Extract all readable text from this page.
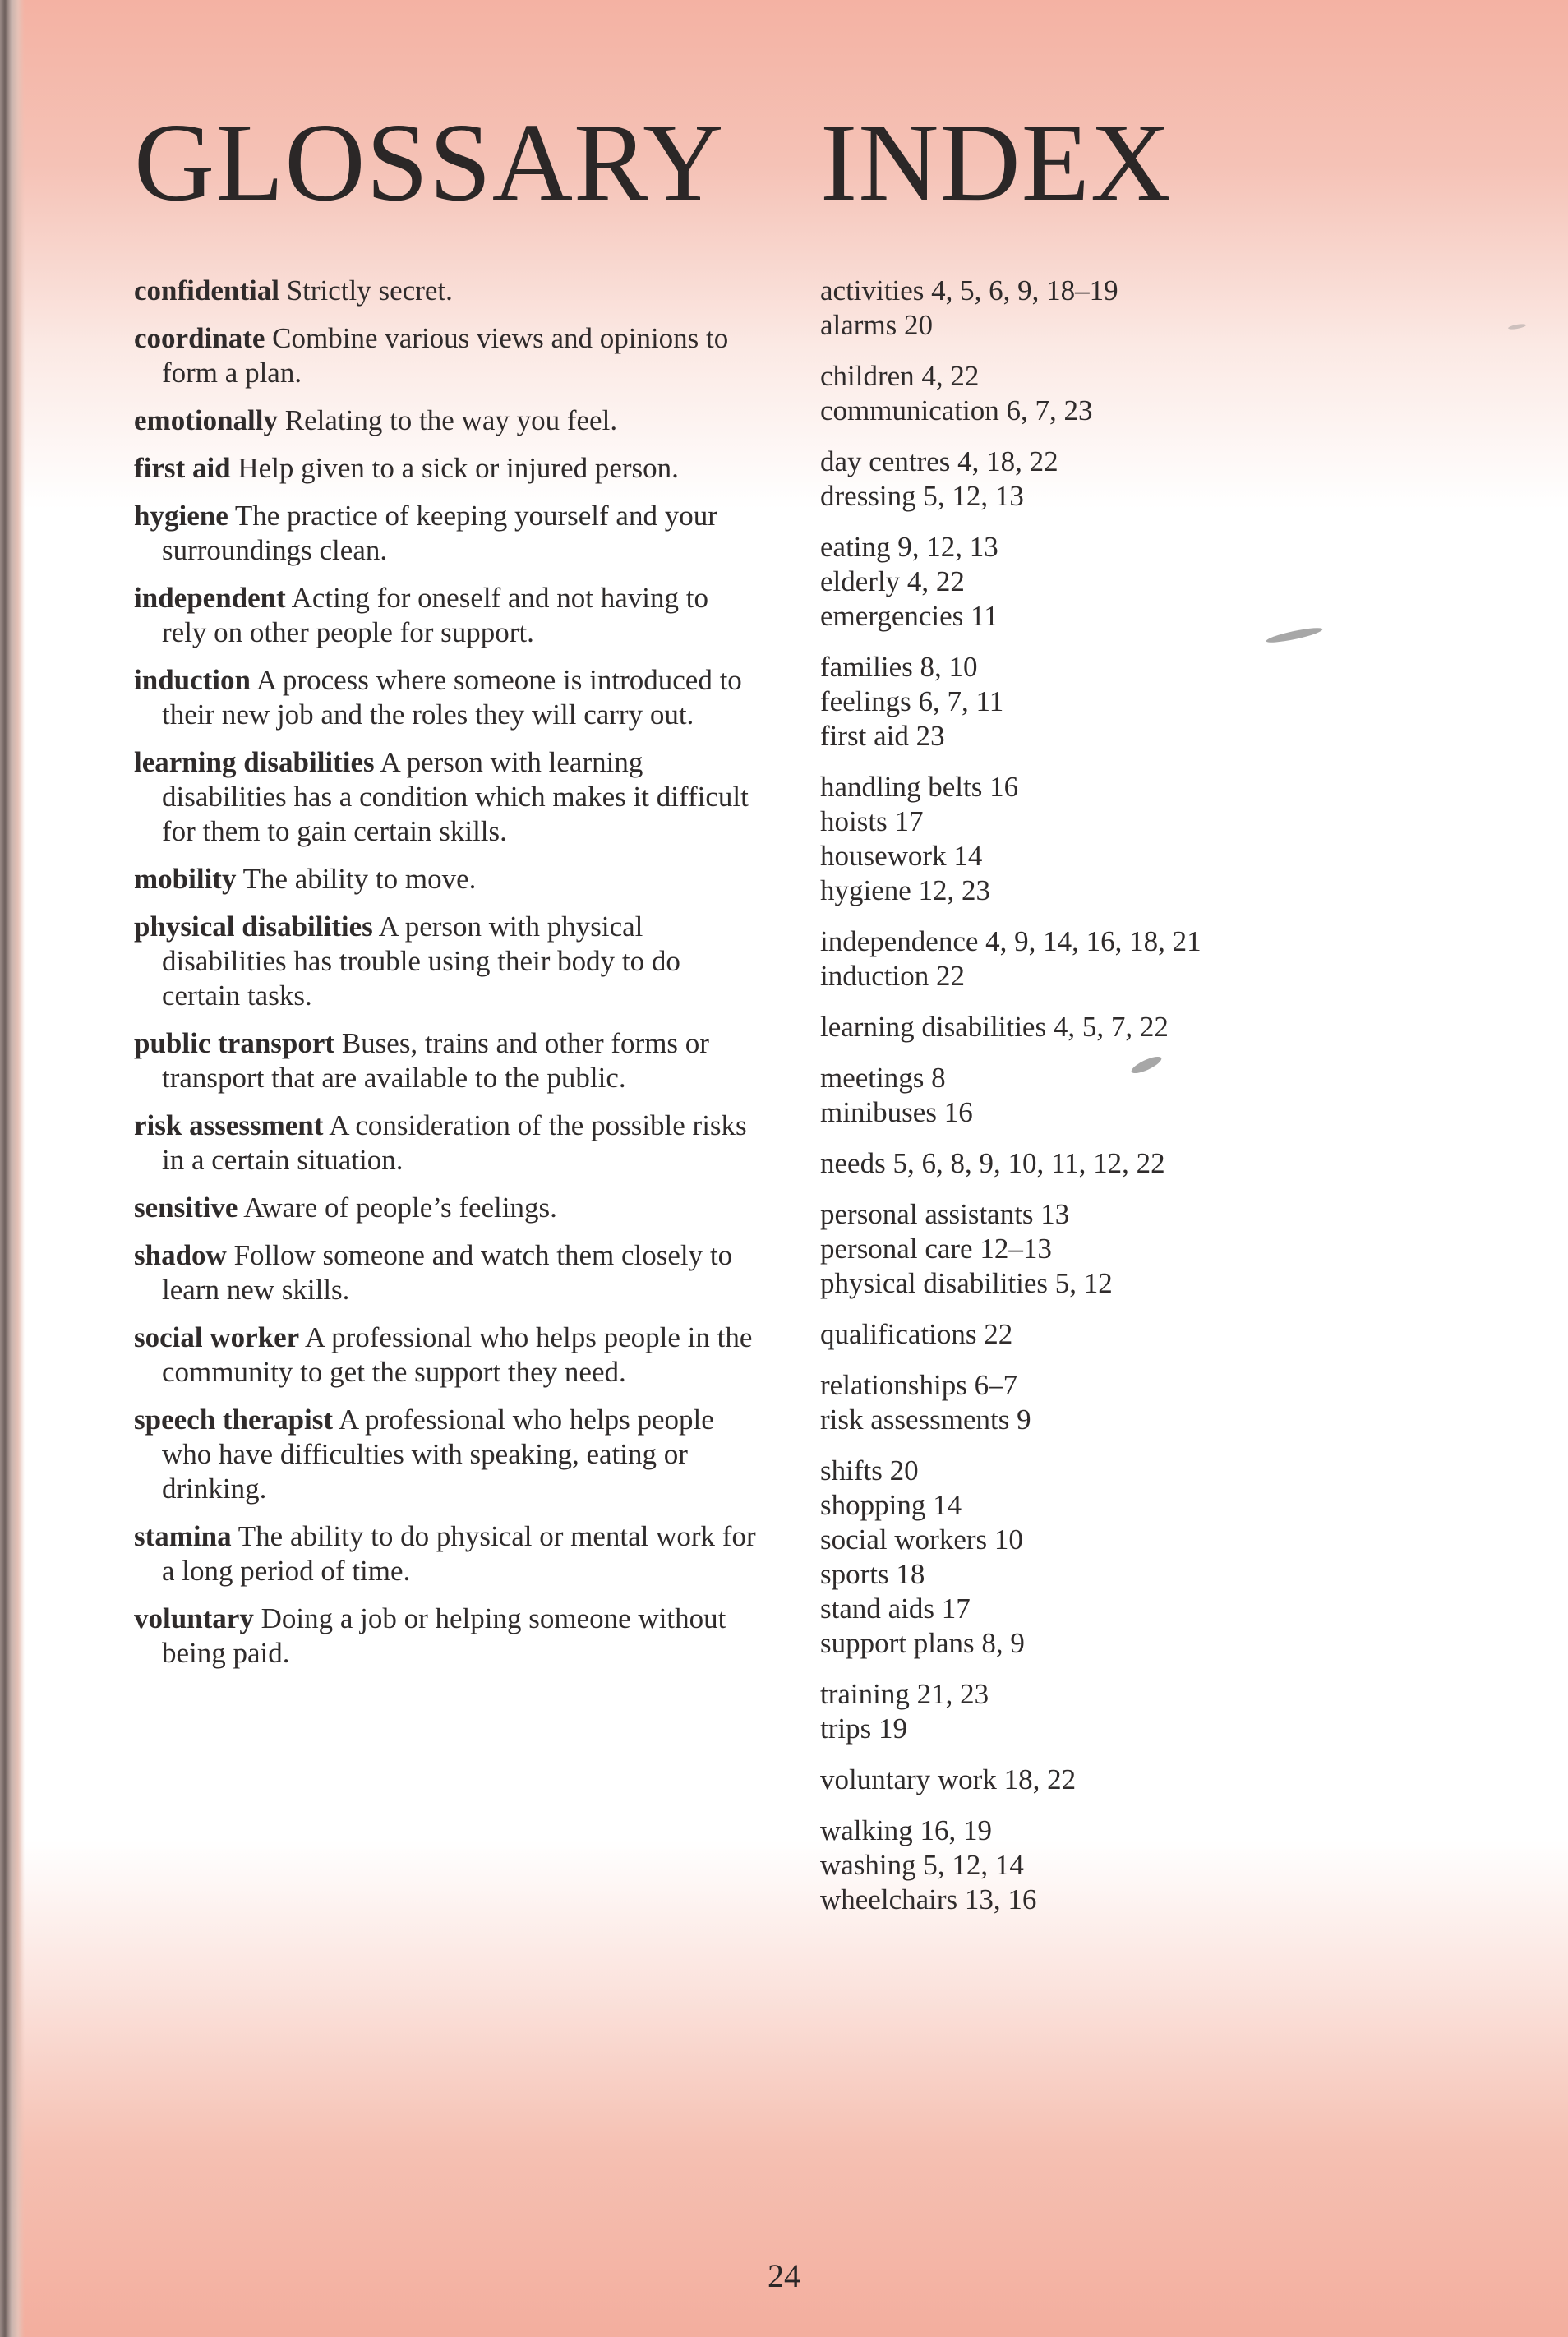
GLOSSARY INDEX

confidential Strictly secret.

coordinate Combine various views and opinions to form a plan.

emotionally Relating to the way you feel.

first aid Help given to a sick or injured person.

hygiene The practice of keeping yourself and your surroundings clean.

independent Acting for oneself and not having to rely on other people for support.

induction A process where someone is introduced to their new job and the roles they will carry out.

learning disabilities A person with learning disabilities has a condition which makes it difficult for them to gain certain skills.

mobility The ability to move.

physical disabilities A person with physical disabilities has trouble using their body to do certain tasks.

public transport Buses, trains and other forms or transport that are available to the public.

risk assessment A consideration of the possible risks in a certain situation.

sensitive Aware of people’s feelings.

shadow Follow someone and watch them closely to learn new skills.

social worker A professional who helps people in the community to get the support they need.

speech therapist A professional who helps people who have difficulties with speaking, eating or drinking.

stamina The ability to do physical or mental work for a long period of time.

voluntary Doing a job or helping someone without being paid.

activities 4, 5, 6, 9, 18–19
alarms 20
children 4, 22
communication 6, 7, 23
day centres 4, 18, 22
dressing 5, 12, 13
eating 9, 12, 13
elderly 4, 22
emergencies 11
families 8, 10
feelings 6, 7, 11
first aid 23
handling belts 16
hoists 17
housework 14
hygiene 12, 23
independence 4, 9, 14, 16, 18, 21
induction 22
learning disabilities 4, 5, 7, 22
meetings 8
minibuses 16
needs 5, 6, 8, 9, 10, 11, 12, 22
personal assistants 13
personal care 12–13
physical disabilities 5, 12
qualifications 22
relationships 6–7
risk assessments 9
shifts 20
shopping 14
social workers 10
sports 18
stand aids 17
support plans 8, 9
training 21, 23
trips 19
voluntary work 18, 22
walking 16, 19
washing 5, 12, 14
wheelchairs 13, 16
24
